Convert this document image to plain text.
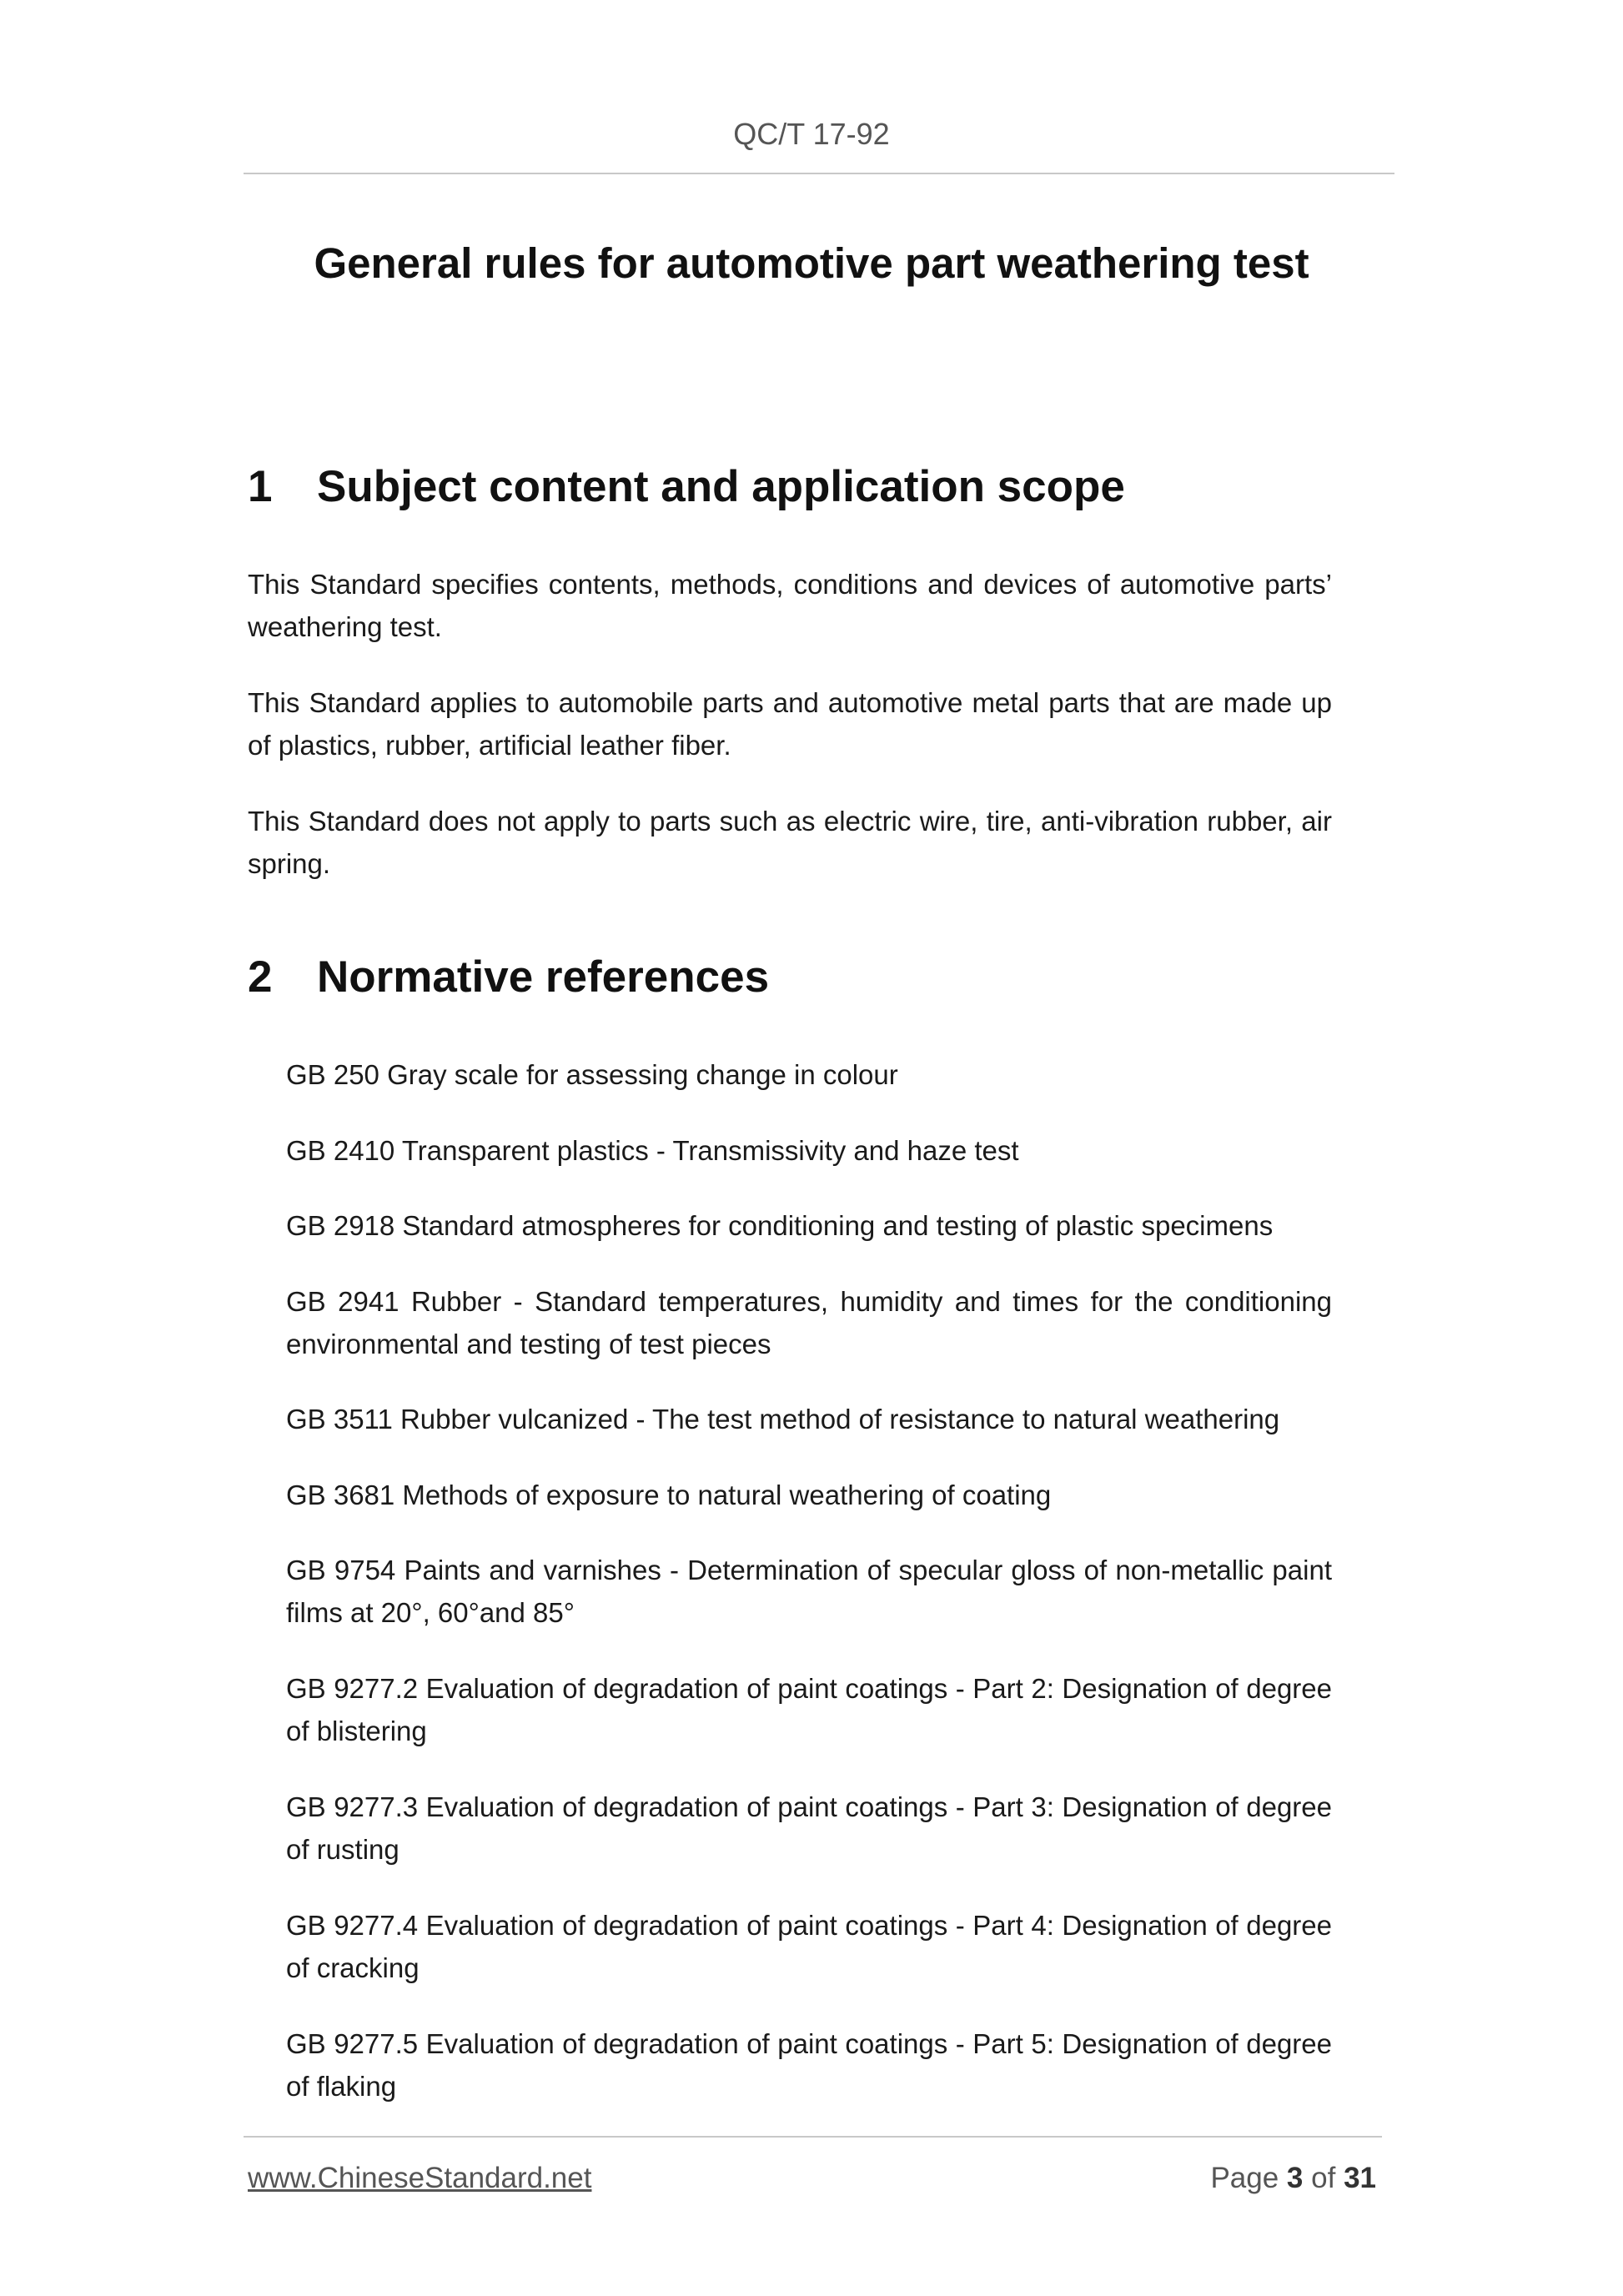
QC/T 17-92
General rules for automotive part weathering test
1 Subject content and application scope
This Standard specifies contents, methods, conditions and devices of automotive parts’ weathering test.
This Standard applies to automobile parts and automotive metal parts that are made up of plastics, rubber, artificial leather fiber.
This Standard does not apply to parts such as electric wire, tire, anti-vibration rubber, air spring.
2 Normative references
GB 250 Gray scale for assessing change in colour
GB 2410 Transparent plastics - Transmissivity and haze test
GB 2918 Standard atmospheres for conditioning and testing of plastic specimens
GB 2941 Rubber - Standard temperatures, humidity and times for the conditioning environmental and testing of test pieces
GB 3511 Rubber vulcanized - The test method of resistance to natural weathering
GB 3681 Methods of exposure to natural weathering of coating
GB 9754 Paints and varnishes - Determination of specular gloss of non-metallic paint films at 20°, 60°and 85°
GB 9277.2 Evaluation of degradation of paint coatings - Part 2: Designation of degree of blistering
GB 9277.3 Evaluation of degradation of paint coatings - Part 3: Designation of degree of rusting
GB 9277.4 Evaluation of degradation of paint coatings - Part 4: Designation of degree of cracking
GB 9277.5 Evaluation of degradation of paint coatings - Part 5: Designation of degree of flaking
www.ChineseStandard.net	Page 3 of 31
